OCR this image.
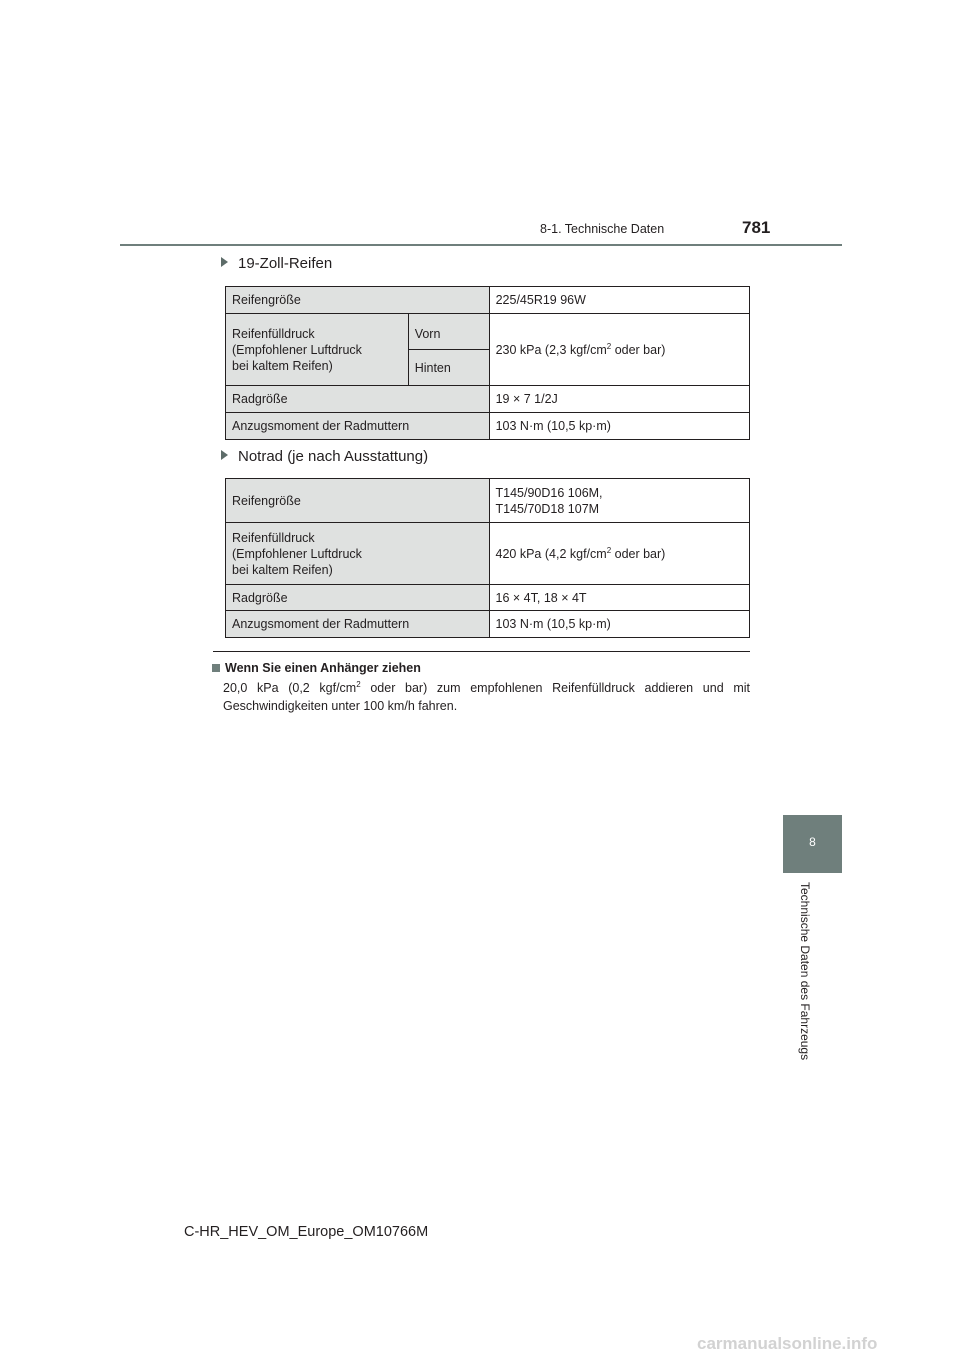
8-1. Technische Daten	781
19-Zoll-Reifen
Reifengröße		225/45R19 96W

Reifenfülldruck
(Empfohlener Luftdruck
bei kaltem Reifen)	Vorn	230 kPa (2,3 kgf/$cm^2$ oder bar)
	Hinten	
Radgröße		19 × 7 1/2J
Anzugsmoment der Radmuttern		103 N·m (10,5 kp·m)
Notrad (je nach Ausstattung)
Reifengröße	T145/90D16 106M,
T145/70D18 107M

Reifenfülldruck
(Empfohlener Luftdruck
bei kaltem Reifen)	420 kPa (4,2 kgf/$cm^2$ oder bar)
Radgröße	16 × 4T, 18 × 4T
Anzugsmoment der Radmuttern	103 N·m (10,5 kp·m)
Wenn Sie einen Anhänger ziehen
20,0 kPa (0,2 kgf/$cm^2$ oder bar) zum empfohlenen Reifenfülldruck addieren und mit Geschwindigkeiten unter 100 km/h fahren.
8
Technische Daten des Fahrzeugs
C-HR_HEV_OM_Europe_OM10766M
carmanualsonline.info
